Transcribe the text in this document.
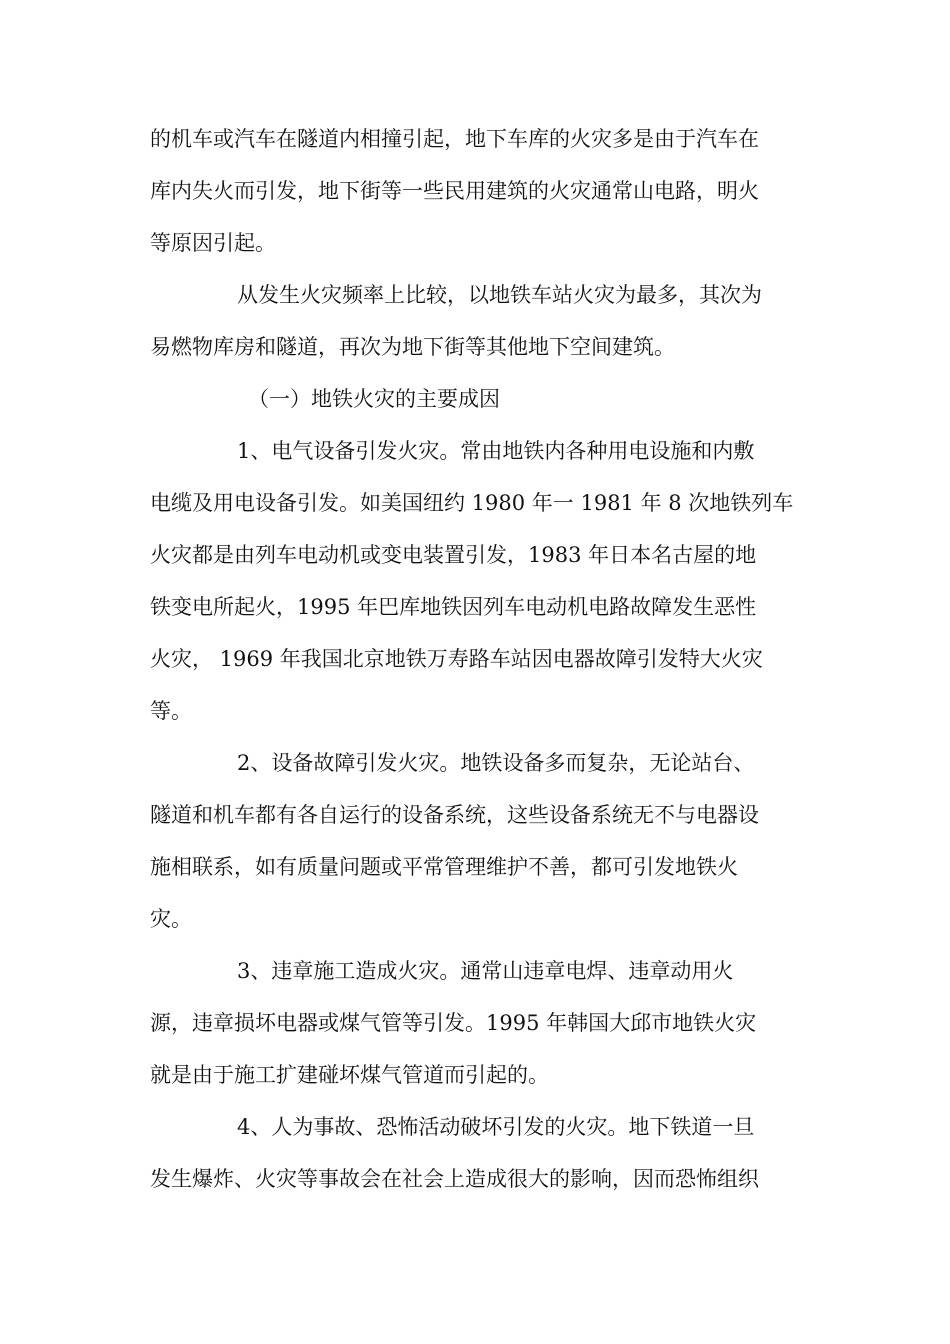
的机车或汽车在隧道内相撞引起，地下车库的火灾多是由于汽车在
库内失火而引发，地下街等一些民用建筑的火灾通常山电路，明火
等原因引起。
从发生火灾频率上比较，以地铁车站火灾为最多，其次为
易燃物库房和隧道，再次为地下街等其他地下空间建筑。
（一）地铁火灾的主要成因
1、电气设备引发火灾。常由地铁内各种用电设施和内敷
电缆及用电设备引发。如美国纽约 1980 年一 1981 年 8 次地铁列车
火灾都是由列车电动机或变电装置引发，1983 年日本名古屋的地
铁变电所起火，1995 年巴库地铁因列车电动机电路故障发生恶性
火灾， 1969 年我国北京地铁万寿路车站因电器故障引发特大火灾
等。
2、设备故障引发火灾。地铁设备多而复杂，无论站台、
隧道和机车都有各自运行的设备系统，这些设备系统无不与电器设
施相联系，如有质量问题或平常管理维护不善，都可引发地铁火
灾。
3、违章施工造成火灾。通常山违章电焊、违章动用火
源，违章损坏电器或煤气管等引发。1995 年韩国大邱市地铁火灾
就是由于施工扩建碰坏煤气管道而引起的。
4、人为事故、恐怖活动破坏引发的火灾。地下铁道一旦
发生爆炸、火灾等事故会在社会上造成很大的影响，因而恐怖组织
